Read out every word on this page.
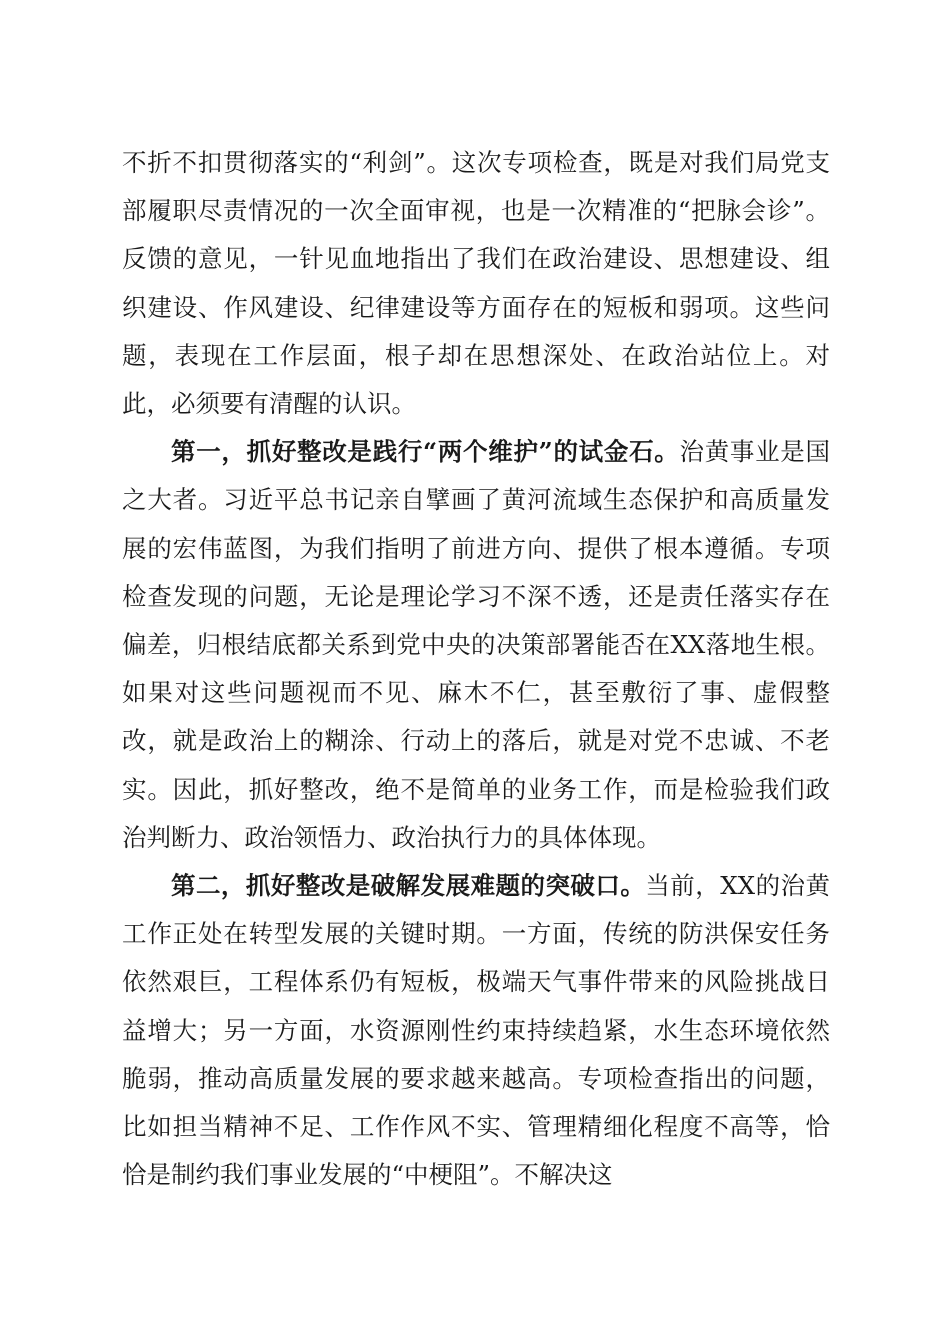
不折不扣贯彻落实的“利剑”。这次专项检查，既是对我们局党支部履职尽责情况的一次全面审视，也是一次精准的“把脉会诊”。反馈的意见，一针见血地指出了我们在政治建设、思想建设、组织建设、作风建设、纪律建设等方面存在的短板和弱项。这些问题，表现在工作层面，根子却在思想深处、在政治站位上。对此，必须要有清醒的认识。

第一，抓好整改是践行“两个维护”的试金石。治黄事业是国之大者。习近平总书记亲自擘画了黄河流域生态保护和高质量发展的宏伟蓝图，为我们指明了前进方向、提供了根本遵循。专项检查发现的问题，无论是理论学习不深不透，还是责任落实存在偏差，归根结底都关系到党中央的决策部署能否在XX落地生根。如果对这些问题视而不见、麻木不仁，甚至敷衍了事、虚假整改，就是政治上的糊涂、行动上的落后，就是对党不忠诚、不老实。因此，抓好整改，绝不是简单的业务工作，而是检验我们政治判断力、政治领悟力、政治执行力的具体体现。

第二，抓好整改是破解发展难题的突破口。当前，XX的治黄工作正处在转型发展的关键时期。一方面，传统的防洪保安任务依然艰巨，工程体系仍有短板，极端天气事件带来的风险挑战日益增大；另一方面，水资源刚性约束持续趋紧，水生态环境依然脆弱，推动高质量发展的要求越来越高。专项检查指出的问题，比如担当精神不足、工作作风不实、管理精细化程度不高等，恰恰是制约我们事业发展的“中梗阻”。不解决这
